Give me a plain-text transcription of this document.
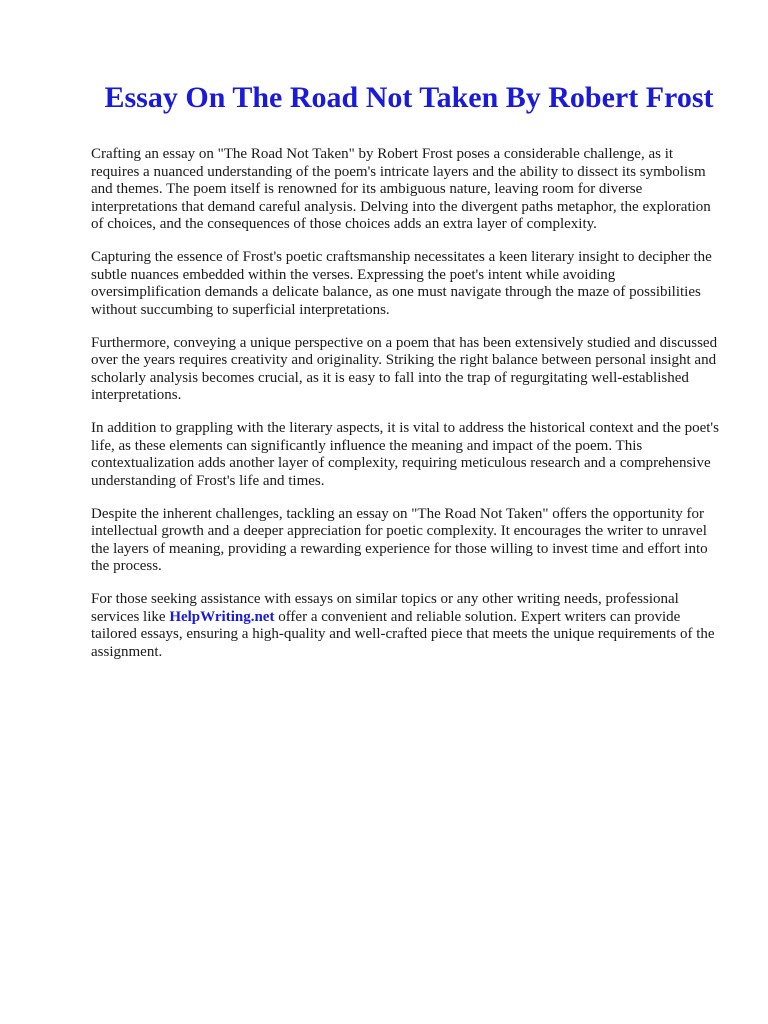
Essay On The Road Not Taken By Robert Frost

Crafting an essay on "The Road Not Taken" by Robert Frost poses a considerable challenge, as it requires a nuanced understanding of the poem's intricate layers and the ability to dissect its symbolism and themes. The poem itself is renowned for its ambiguous nature, leaving room for diverse interpretations that demand careful analysis. Delving into the divergent paths metaphor, the exploration of choices, and the consequences of those choices adds an extra layer of complexity.

Capturing the essence of Frost's poetic craftsmanship necessitates a keen literary insight to decipher the subtle nuances embedded within the verses. Expressing the poet's intent while avoiding oversimplification demands a delicate balance, as one must navigate through the maze of possibilities without succumbing to superficial interpretations.

Furthermore, conveying a unique perspective on a poem that has been extensively studied and discussed over the years requires creativity and originality. Striking the right balance between personal insight and scholarly analysis becomes crucial, as it is easy to fall into the trap of regurgitating well-established interpretations.

In addition to grappling with the literary aspects, it is vital to address the historical context and the poet's life, as these elements can significantly influence the meaning and impact of the poem. This contextualization adds another layer of complexity, requiring meticulous research and a comprehensive understanding of Frost's life and times.

Despite the inherent challenges, tackling an essay on "The Road Not Taken" offers the opportunity for intellectual growth and a deeper appreciation for poetic complexity. It encourages the writer to unravel the layers of meaning, providing a rewarding experience for those willing to invest time and effort into the process.

For those seeking assistance with essays on similar topics or any other writing needs, professional services like HelpWriting.net offer a convenient and reliable solution. Expert writers can provide tailored essays, ensuring a high-quality and well-crafted piece that meets the unique requirements of the assignment.
